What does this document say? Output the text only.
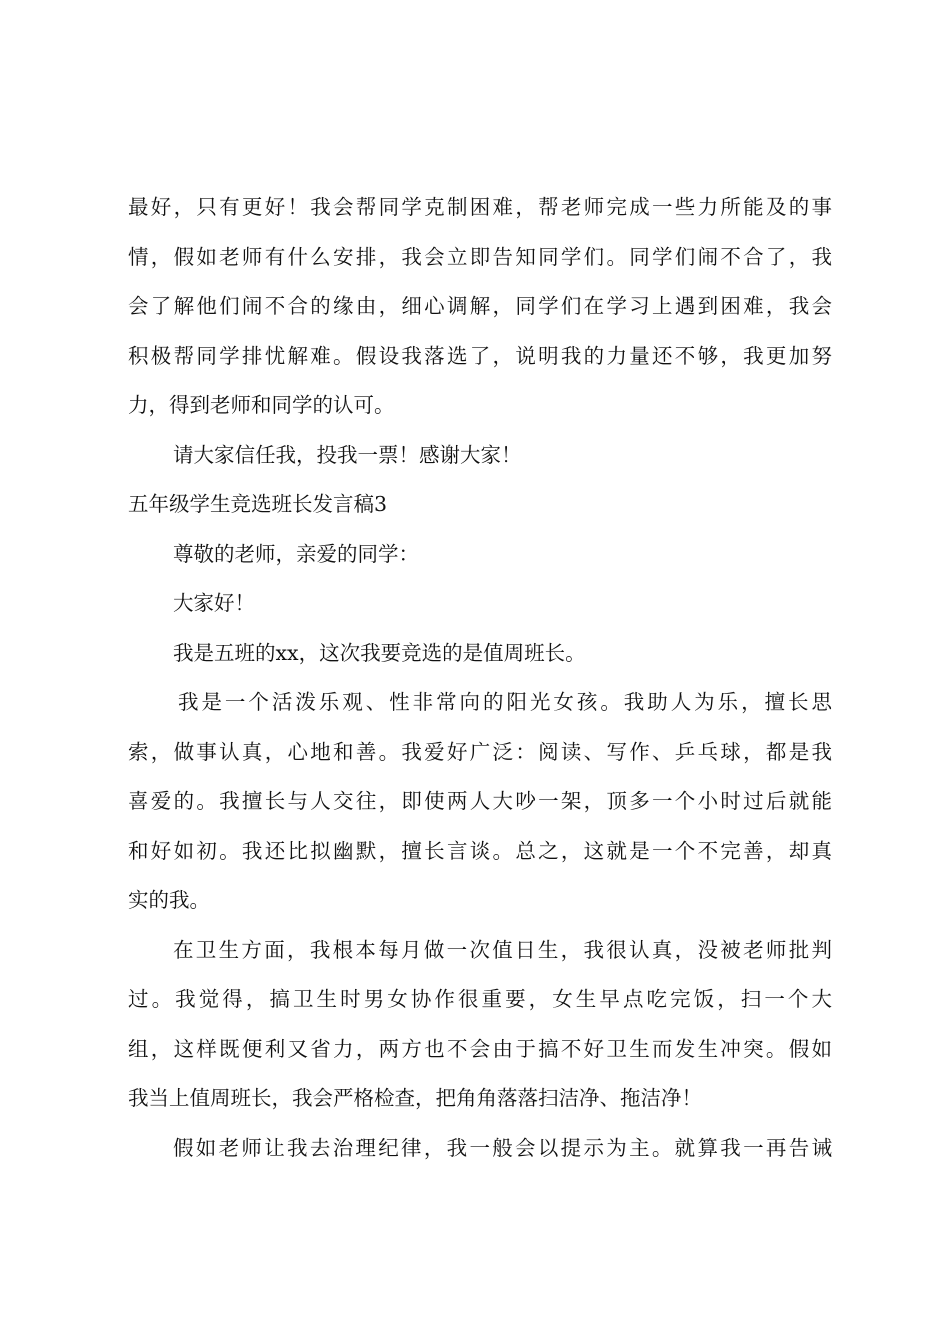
最好，只有更好！我会帮同学克制困难，帮老师完成一些力所能及的事
情，假如老师有什么安排，我会立即告知同学们。同学们闹不合了，我
会了解他们闹不合的缘由，细心调解，同学们在学习上遇到困难，我会
积极帮同学排忧解难。假设我落选了，说明我的力量还不够，我更加努
力，得到老师和同学的认可。
请大家信任我，投我一票！感谢大家！
五年级学生竞选班长发言稿3
尊敬的老师，亲爱的同学：
大家好！
我是五班的xx，这次我要竞选的是值周班长。
我是一个活泼乐观、性非常向的阳光女孩。我助人为乐，擅长思
索，做事认真，心地和善。我爱好广泛：阅读、写作、乒乓球，都是我
喜爱的。我擅长与人交往，即使两人大吵一架，顶多一个小时过后就能
和好如初。我还比拟幽默，擅长言谈。总之，这就是一个不完善，却真
实的我。
在卫生方面，我根本每月做一次值日生，我很认真，没被老师批判
过。我觉得，搞卫生时男女协作很重要，女生早点吃完饭，扫一个大
组，这样既便利又省力，两方也不会由于搞不好卫生而发生冲突。假如
我当上值周班长，我会严格检查，把角角落落扫洁净、拖洁净！
假如老师让我去治理纪律，我一般会以提示为主。就算我一再告诫
